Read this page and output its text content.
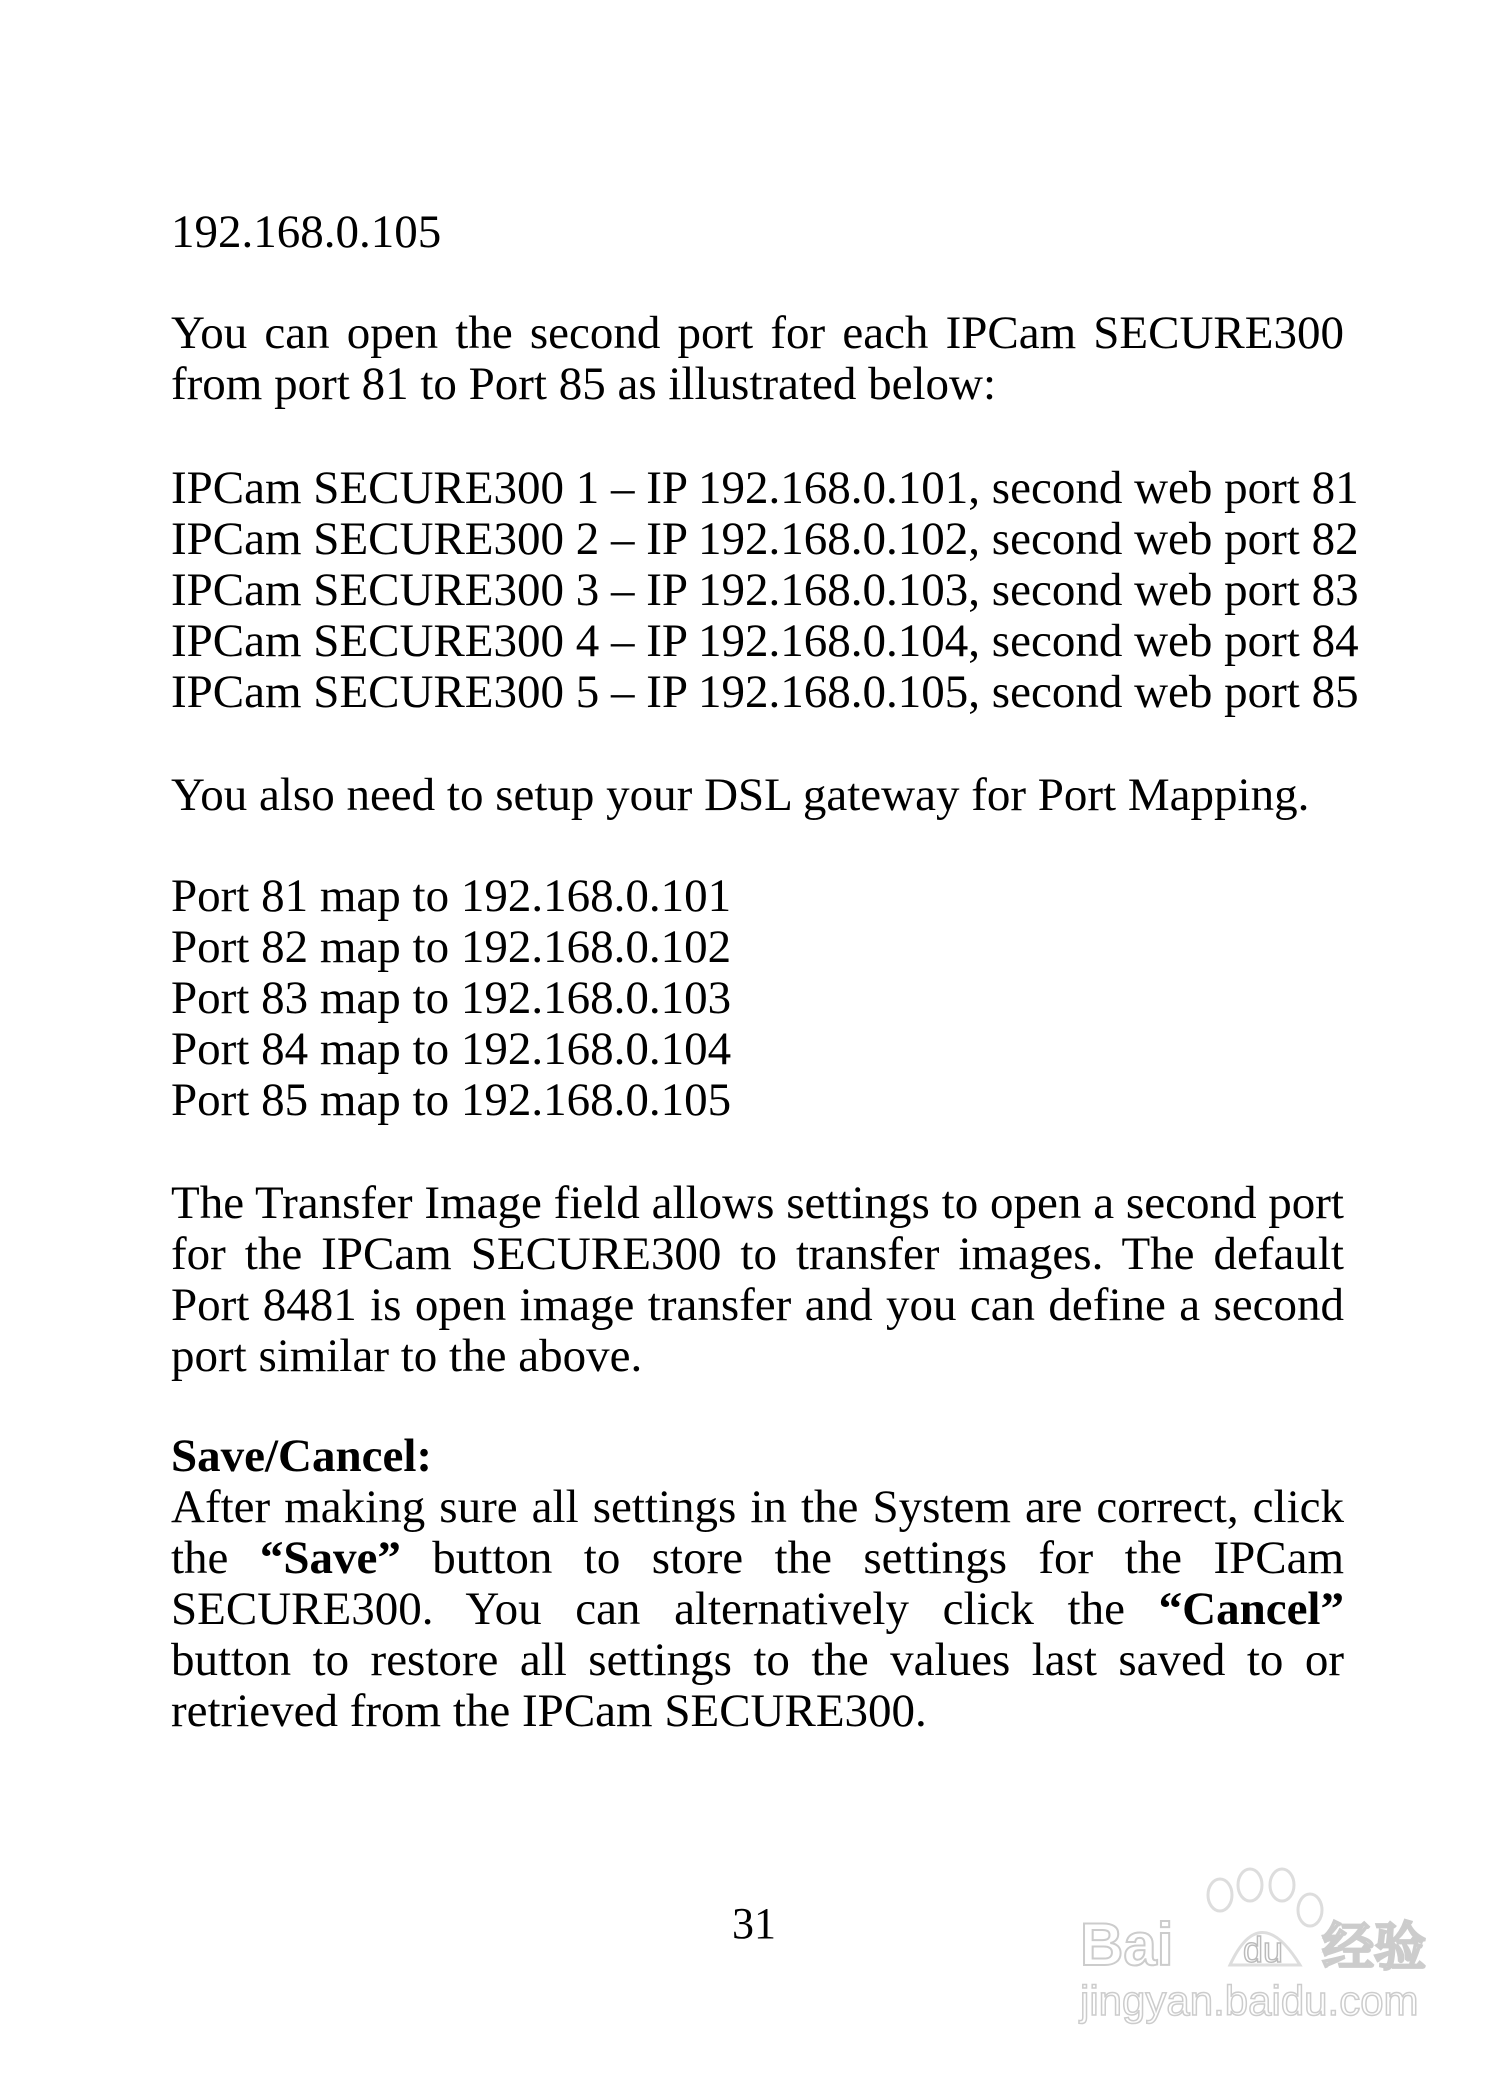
192.168.0.105

You can open the second port for each IPCam SECURE300 from port 81 to Port 85 as illustrated below:

IPCam SECURE300 1 – IP 192.168.0.101, second web port 81
IPCam SECURE300 2 – IP 192.168.0.102, second web port 82
IPCam SECURE300 3 – IP 192.168.0.103, second web port 83
IPCam SECURE300 4 – IP 192.168.0.104, second web port 84
IPCam SECURE300 5 – IP 192.168.0.105, second web port 85

You also need to setup your DSL gateway for Port Mapping.

Port 81 map to 192.168.0.101
Port 82 map to 192.168.0.102
Port 83 map to 192.168.0.103
Port 84 map to 192.168.0.104
Port 85 map to 192.168.0.105

The Transfer Image field allows settings to open a second port for the IPCam SECURE300 to transfer images. The default Port 8481 is open image transfer and you can define a second port similar to the above.

Save/Cancel:

After making sure all settings in the System are correct, click the “Save” button to store the settings for the IPCam SECURE300. You can alternatively click the “Cancel” button to restore all settings to the values last saved to or retrieved from the IPCam SECURE300.

31	Bai du 经验
jingyan.baidu.com
